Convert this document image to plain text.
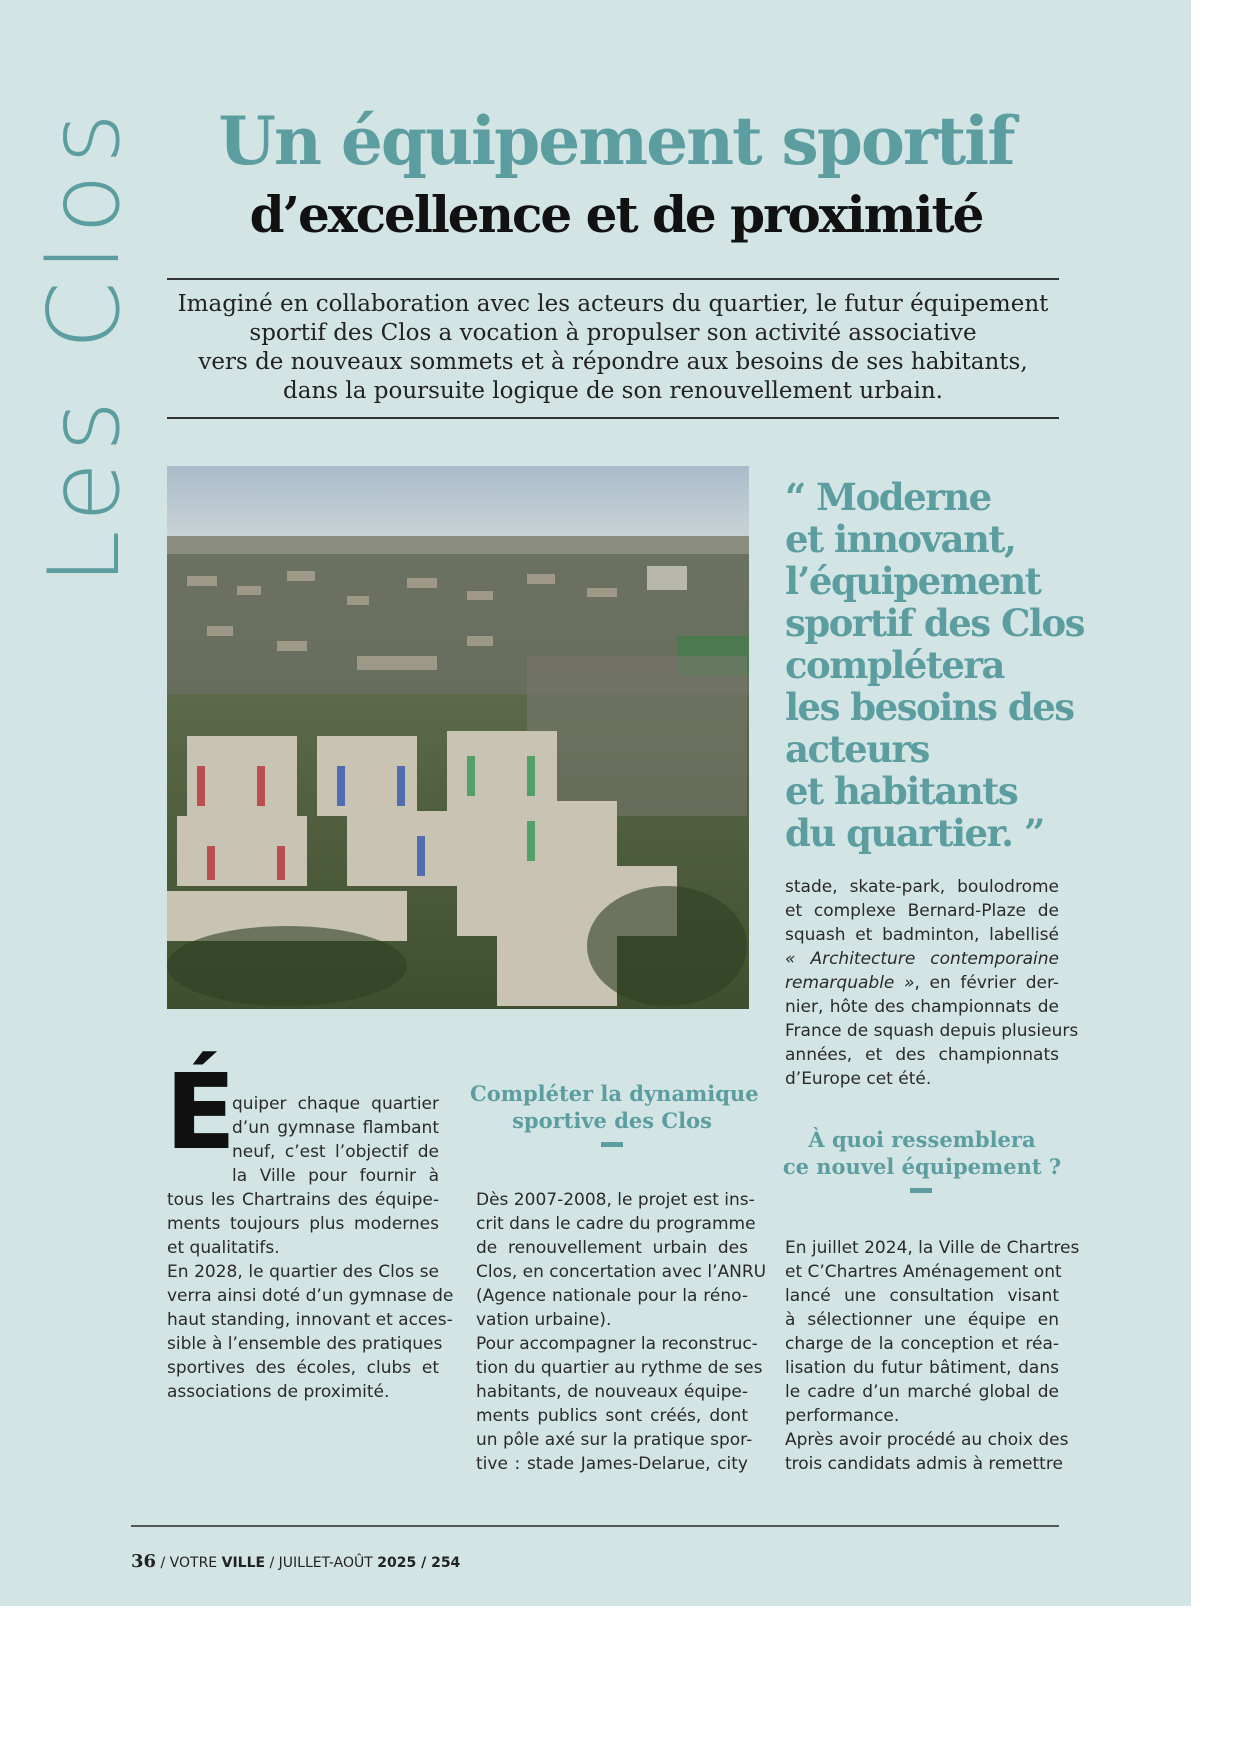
Les Clos	Un équipement sportif
d’excellence et de proximité
Imaginé en collaboration avec les acteurs du quartier, le futur équipement
sportif des Clos a vocation à propulser son activité associative
vers de nouveaux sommets et à répondre aux besoins de ses habitants,
dans la poursuite logique de son renouvellement urbain.
“ Moderne
et innovant,
l’équipement
sportif des Clos
complétera
les besoins des
acteurs
et habitants
du quartier. ”
stade, skate-park, boulodrome
et complexe Bernard-Plaze de
squash et badminton, labellisé
« Architecture contemporaine
remarquable », en février der-
nier, hôte des championnats de
France de squash depuis plusieurs
années, et des championnats
d’Europe cet été.
É
quiper chaque quartier
d’un gymnase flambant
neuf, c’est l’objectif de
la Ville pour fournir à
tous les Chartrains des équipe-
ments toujours plus modernes
et qualitatifs.
En 2028, le quartier des Clos se
verra ainsi doté d’un gymnase de
haut standing, innovant et acces-
sible à l’ensemble des pratiques
sportives des écoles, clubs et
associations de proximité.
Compléter la dynamique
sportive des Clos
Dès 2007-2008, le projet est ins-
crit dans le cadre du programme
de renouvellement urbain des
Clos, en concertation avec l’ANRU
(Agence nationale pour la réno-
vation urbaine).
Pour accompagner la reconstruc-
tion du quartier au rythme de ses
habitants, de nouveaux équipe-
ments publics sont créés, dont
un pôle axé sur la pratique spor-
tive : stade James-Delarue, city
À quoi ressemblera
ce nouvel équipement ?
En juillet 2024, la Ville de Chartres
et C’Chartres Aménagement ont
lancé une consultation visant
à sélectionner une équipe en
charge de la conception et réa-
lisation du futur bâtiment, dans
le cadre d’un marché global de
performance.
Après avoir procédé au choix des
trois candidats admis à remettre
36 / VOTRE VILLE / JUILLET-AOÛT 2025 / 254
